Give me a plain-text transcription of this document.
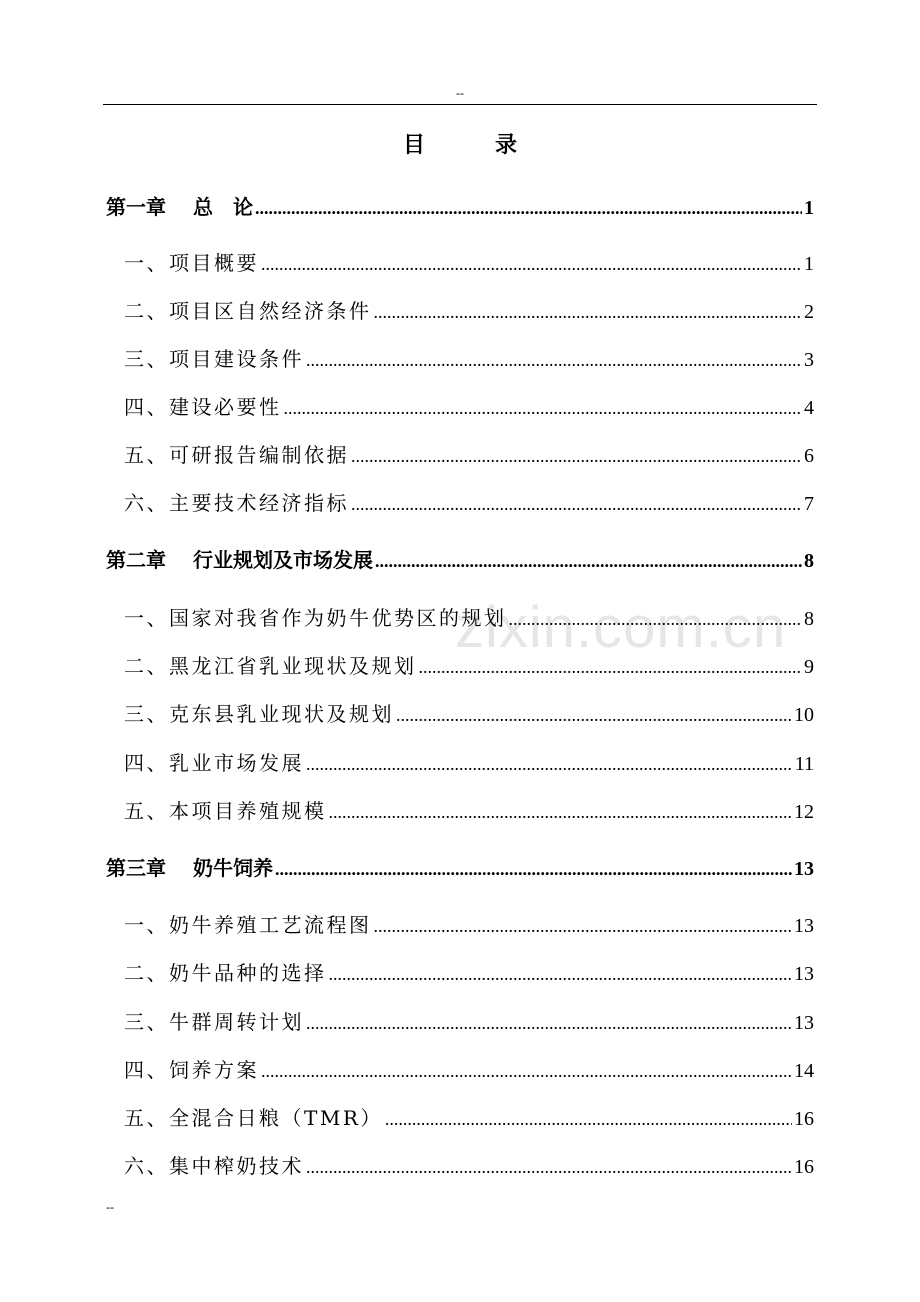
--
目	录
zixin.com.cn
第一章　 总　论 .....	1
一、项目概要 .....	1
二、项目区自然经济条件 .....	2
三、项目建设条件 .....	3
四、建设必要性 .....	4
五、可研报告编制依据 .....	6
六、主要技术经济指标 .....	7
第二章　 行业规划及市场发展 .....	8
一、国家对我省作为奶牛优势区的规划 .....	8
二、黑龙江省乳业现状及规划 .....	9
三、克东县乳业现状及规划 .....	10
四、乳业市场发展 .....	11
五、本项目养殖规模 .....	12
第三章　 奶牛饲养 .....	13
一、奶牛养殖工艺流程图 .....	13
二、奶牛品种的选择 .....	13
三、牛群周转计划 .....	13
四、饲养方案 .....	14
五、全混合日粮（TMR） .....	16
六、集中榨奶技术 .....	16
--
